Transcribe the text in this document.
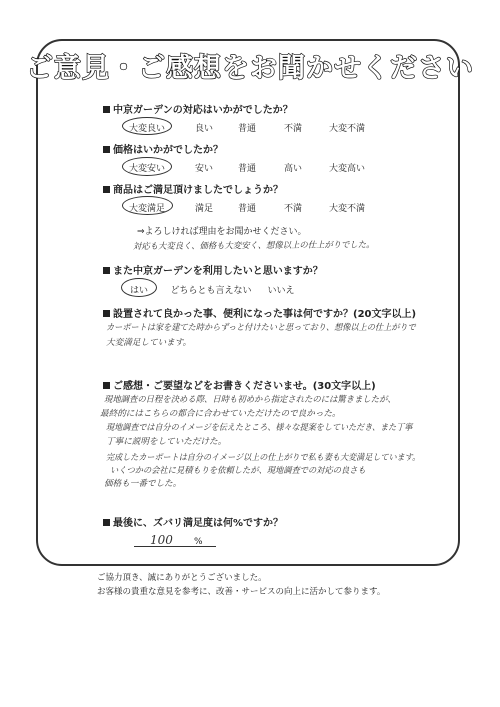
ご意見・ご感想をお聞かせください
中京ガーデンの対応はいかがでしたか？
大変良い	良い	普通	不満	大変不満
価格はいかがでしたか？
大変安い	安い	普通	高い	大変高い
商品はご満足頂けましたでしょうか？
大変満足	満足	普通	不満	大変不満
⇒よろしければ理由をお聞かせください。
対応も大変良く、価格も大変安く、想像以上の仕上がりでした。
また中京ガーデンを利用したいと思いますか？
はい どちらとも言えない いいえ
設置されて良かった事、便利になった事は何ですか？(20文字以上)
カーポートは家を建てた時からずっと付けたいと思っており、想像以上の仕上がりで
大変満足しています。
ご感想・ご要望などをお書きくださいませ。(30文字以上)
現地調査の日程を決める際、日時も初めから指定されたのには驚きましたが、
最終的にはこちらの都合に合わせていただけたので良かった。
現地調査では自分のイメージを伝えたところ、様々な提案をしていただき、また丁寧
丁寧に説明をしていただけた。
完成したカーポートは自分のイメージ以上の仕上がりで私も妻も大変満足しています。
いくつかの会社に見積もりを依頼したが、現地調査での対応の良さも
価格も一番でした。
最後に、ズバリ満足度は何%ですか？
100 %
ご協力頂き、誠にありがとうございました。
お客様の貴重な意見を参考に、改善・サービスの向上に活かして参ります。
